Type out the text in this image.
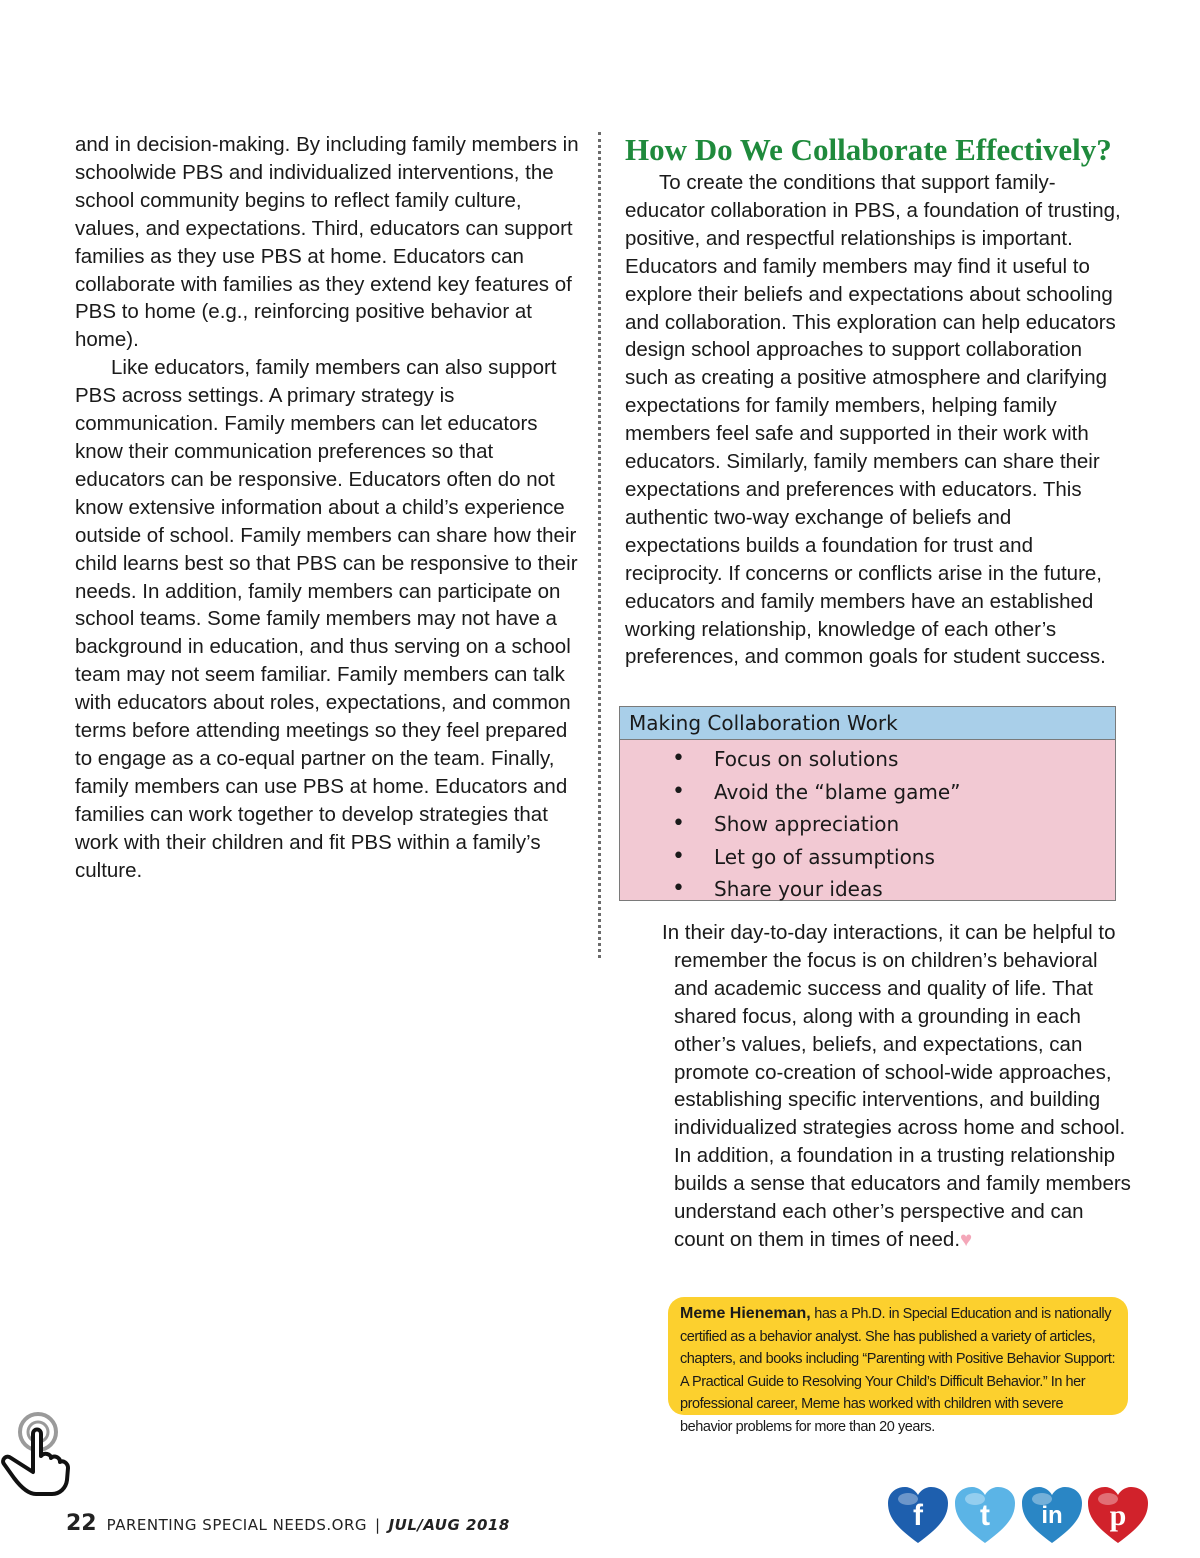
and in decision-making. By including family members in schoolwide PBS and individualized interventions, the school community begins to reflect family culture, values, and expectations. Third, educators can support families as they use PBS at home. Educators can collaborate with families as they extend key features of PBS to home (e.g., reinforcing positive behavior at home).

Like educators, family members can also support PBS across settings. A primary strategy is communication. Family members can let educators know their communication preferences so that educators can be responsive. Educators often do not know extensive information about a child’s experience outside of school. Family members can share how their child learns best so that PBS can be responsive to their needs. In addition, family members can participate on school teams. Some family members may not have a background in education, and thus serving on a school team may not seem familiar. Family members can talk with educators about roles, expectations, and common terms before attending meetings so they feel prepared to engage as a co-equal partner on the team. Finally, family members can use PBS at home. Educators and families can work together to develop strategies that work with their children and fit PBS within a family’s culture.

How Do We Collaborate Effectively?

To create the conditions that support family-educator collaboration in PBS, a foundation of trusting, positive, and respectful relationships is important. Educators and family members may find it useful to explore their beliefs and expectations about schooling and collaboration. This exploration can help educators design school approaches to support collaboration such as creating a positive atmosphere and clarifying expectations for family members, helping family members feel safe and supported in their work with educators. Similarly, family members can share their expectations and preferences with educators. This authentic two-way exchange of beliefs and expectations builds a foundation for trust and reciprocity. If concerns or conflicts arise in the future, educators and family members have an established working relationship, knowledge of each other’s preferences, and common goals for student success.

Making Collaboration Work
• Focus on solutions
• Avoid the “blame game”
• Show appreciation
• Let go of assumptions
• Share your ideas

In their day-to-day interactions, it can be helpful to remember the focus is on children’s behavioral and academic success and quality of life. That shared focus, along with a grounding in each other’s values, beliefs, and expectations, can promote co-creation of school-wide approaches, establishing specific interventions, and building individualized strategies across home and school. In addition, a foundation in a trusting relationship builds a sense that educators and family members understand each other’s perspective and can count on them in times of need.♥

Meme Hieneman, has a Ph.D. in Special Education and is nationally certified as a behavior analyst. She has published a variety of articles, chapters, and books including “Parenting with Positive Behavior Support: A Practical Guide to Resolving Your Child’s Difficult Behavior.” In her professional career, Meme has worked with children with severe behavior problems for more than 20 years.
22 PARENTING SPECIAL NEEDS.ORG | JUL/AUG 2018	f t in p
